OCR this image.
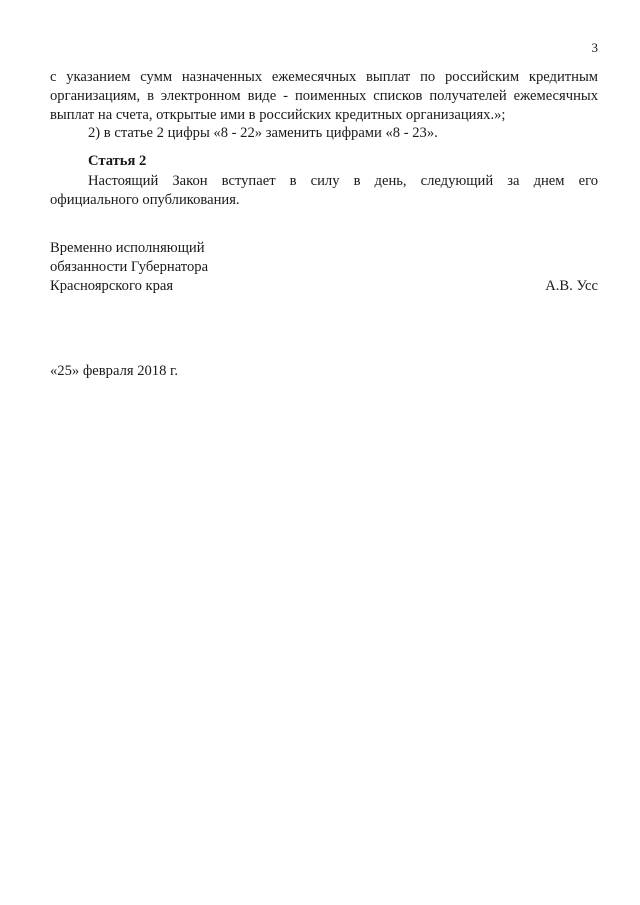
3
с указанием сумм назначенных ежемесячных выплат по российским кредитным
организациям, в электронном виде - поименных списков получателей ежемесячных
выплат на счета, открытые ими в российских кредитных организациях.»;
2) в статье 2 цифры «8 - 22» заменить цифрами «8 - 23».
Статья 2
Настоящий Закон вступает в силу в день, следующий за днем его
официального опубликования.
Временно исполняющий
обязанности Губернатора
Красноярского края	А.В. Усс
«25» февраля 2018 г.
